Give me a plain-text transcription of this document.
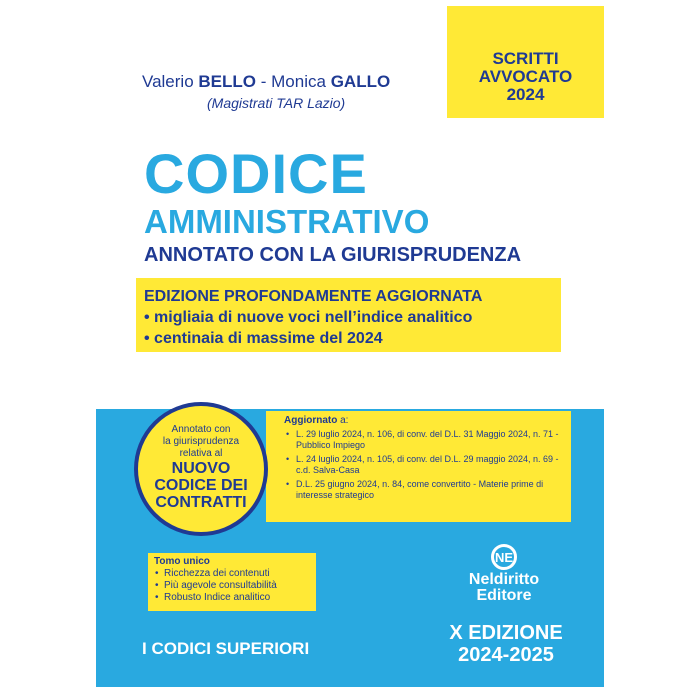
SCRITTI
AVVOCATO
2024
Valerio BELLO - Monica GALLO
(Magistrati TAR Lazio)
CODICE
AMMINISTRATIVO
ANNOTATO CON LA GIURISPRUDENZA
EDIZIONE PROFONDAMENTE AGGIORNATA
• migliaia di nuove voci nell’indice analitico
• centinaia di massime del 2024
Aggiornato a:
• L. 29 luglio 2024, n. 106, di conv. del D.L. 31 Maggio 2024, n. 71 - Pubblico Impiego
• L. 24 luglio 2024, n. 105, di conv. del D.L. 29 maggio 2024, n. 69 - c.d. Salva-Casa
• D.L. 25 giugno 2024, n. 84, come convertito - Materie prime di interesse strategico
Annotato con
la giurisprudenza
relativa al
NUOVO
CODICE DEI
CONTRATTI
Tomo unico
• Ricchezza dei contenuti
• Più agevole consultabilità
• Robusto Indice analitico
I CODICI SUPERIORI
NE
Neldiritto
Editore
X EDIZIONE
2024-2025
